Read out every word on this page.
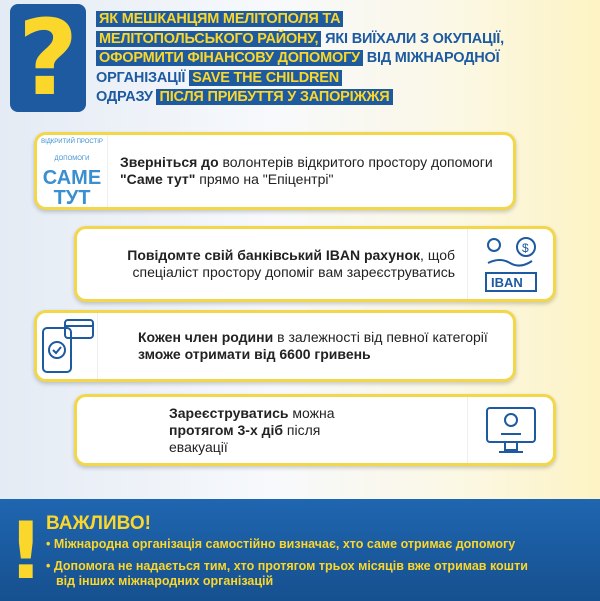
?	ЯК МЕШКАНЦЯМ МЕЛІТОПОЛЯ ТА
МЕЛІТОПОЛЬСЬКОГО РАЙОНУ, ЯКІ ВИЇХАЛИ З ОКУПАЦІЇ,
ОФОРМИТИ ФІНАНСОВУ ДОПОМОГУ ВІД МІЖНАРОДНОЇ
ОРГАНІЗАЦІЇ SAVE THE CHILDREN
ОДРАЗУ ПІСЛЯ ПРИБУТТЯ У ЗАПОРІЖЖЯ
ВІДКРИТИЙ ПРОСТІР ДОПОМОГИ
САМЕ
ТУТ
Зверніться до волонтерів відкритого простору допомоги "Саме тут" прямо на "Епіцентрі"
Повідомте свій банківський IBAN рахунок, щоб спеціаліст простору допоміг вам зареєструватись
$
IBAN
Кожен член родини в залежності від певної категорії зможе отримати від 6600 гривень
Зареєструватись можна протягом 3-х діб після евакуації
! ВАЖЛИВО!
• Міжнародна організація самостійно визначає, хто саме отримає допомогу
• Допомога не надається тим, хто протягом трьох місяців вже отримав кошти
від інших міжнародних організацій
